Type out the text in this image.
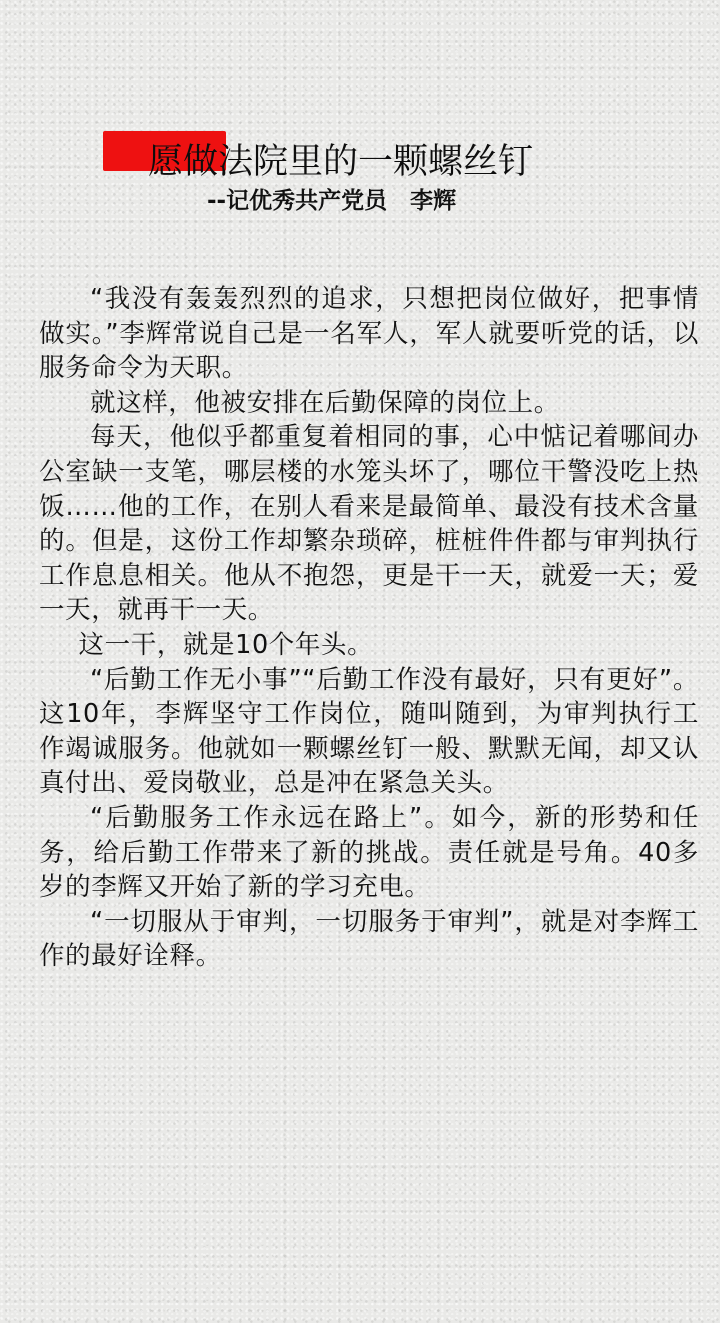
愿做法院里的一颗螺丝钉
--记优秀共产党员　李辉

“我没有轰轰烈烈的追求，只想把岗位做好，把事情做实。”李辉常说自己是一名军人，军人就要听党的话，以服务命令为天职。

就这样，他被安排在后勤保障的岗位上。

每天，他似乎都重复着相同的事，心中惦记着哪间办公室缺一支笔，哪层楼的水笼头坏了，哪位干警没吃上热饭……他的工作，在别人看来是最简单、最没有技术含量的。但是，这份工作却繁杂琐碎，桩桩件件都与审判执行工作息息相关。他从不抱怨，更是干一天，就爱一天；爱一天，就再干一天。

这一干，就是10个年头。

“后勤工作无小事”“后勤工作没有最好，只有更好”。这10年，李辉坚守工作岗位，随叫随到，为审判执行工作竭诚服务。他就如一颗螺丝钉一般、默默无闻，却又认真付出、爱岗敬业，总是冲在紧急关头。

“后勤服务工作永远在路上”。如今，新的形势和任务，给后勤工作带来了新的挑战。责任就是号角。40多岁的李辉又开始了新的学习充电。

“一切服从于审判，一切服务于审判”，就是对李辉工作的最好诠释。
